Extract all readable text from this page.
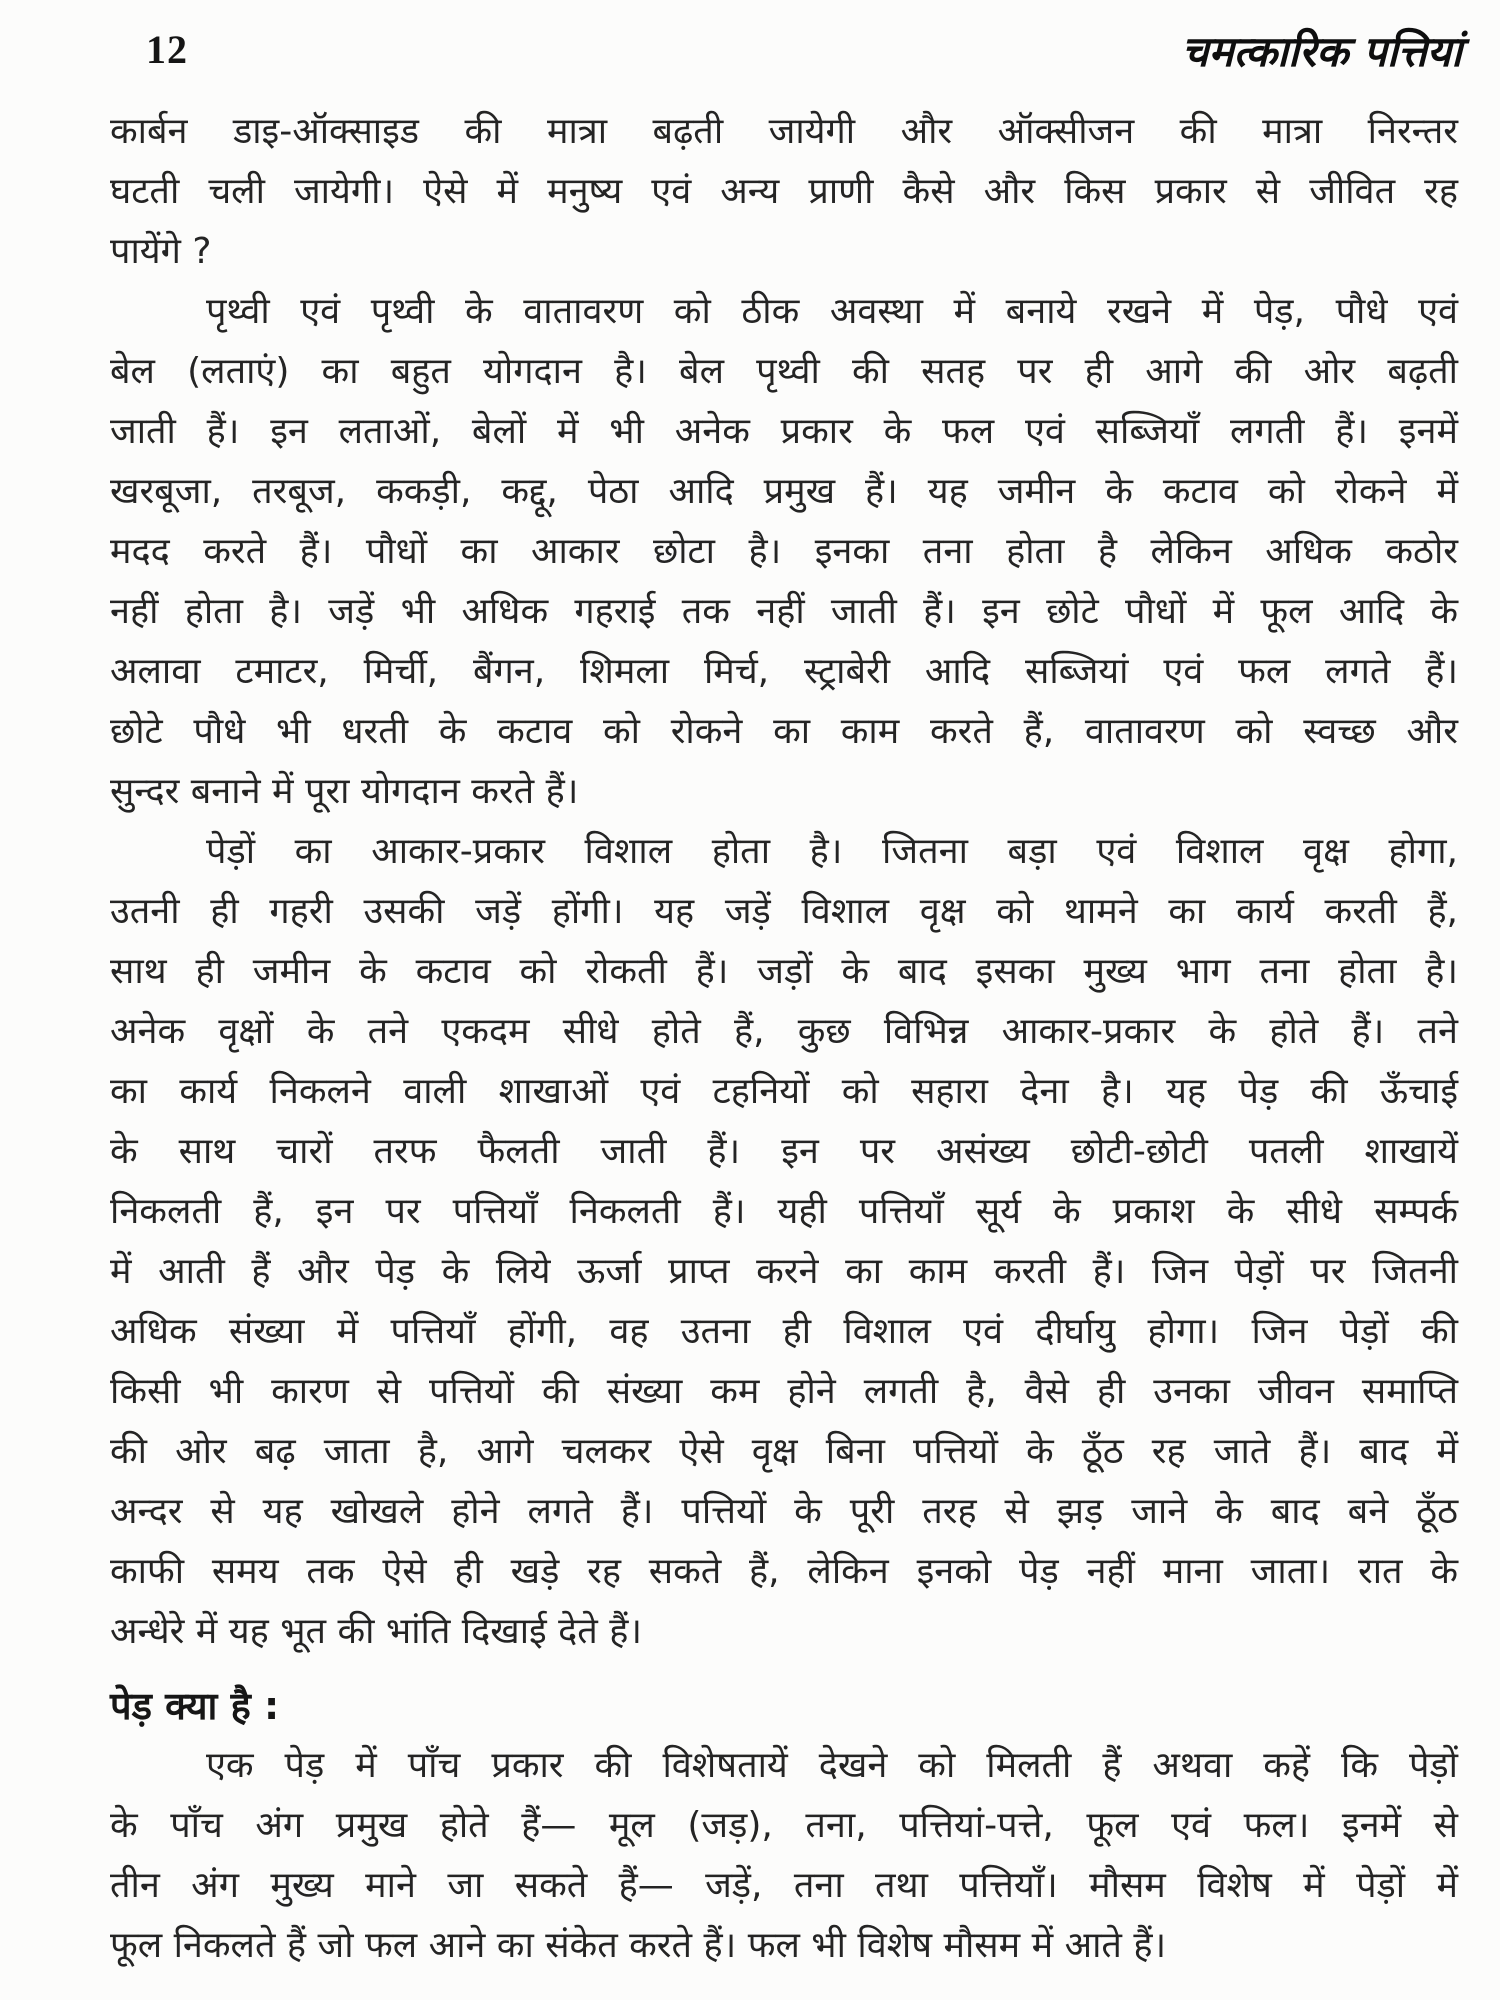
12	चमत्कारिक पत्तियां
कार्बन डाइ-ऑक्साइड की मात्रा बढ़ती जायेगी और ऑक्सीजन की मात्रा निरन्तर
घटती चली जायेगी। ऐसे में मनुष्य एवं अन्य प्राणी कैसे और किस प्रकार से जीवित रह
पायेंगे ?
पृथ्वी एवं पृथ्वी के वातावरण को ठीक अवस्था में बनाये रखने में पेड़, पौधे एवं
बेल (लताएं) का बहुत योगदान है। बेल पृथ्वी की सतह पर ही आगे की ओर बढ़ती
जाती हैं। इन लताओं, बेलों में भी अनेक प्रकार के फल एवं सब्जियाँ लगती हैं। इनमें
खरबूजा, तरबूज, ककड़ी, कद्दू, पेठा आदि प्रमुख हैं। यह जमीन के कटाव को रोकने में
मदद करते हैं। पौधों का आकार छोटा है। इनका तना होता है लेकिन अधिक कठोर
नहीं होता है। जड़ें भी अधिक गहराई तक नहीं जाती हैं। इन छोटे पौधों में फूल आदि के
अलावा टमाटर, मिर्ची, बैंगन, शिमला मिर्च, स्ट्राबेरी आदि सब्जियां एवं फल लगते हैं।
छोटे पौधे भी धरती के कटाव को रोकने का काम करते हैं, वातावरण को स्वच्छ और
सुन्दर बनाने में पूरा योगदान करते हैं।
पेड़ों का आकार-प्रकार विशाल होता है। जितना बड़ा एवं विशाल वृक्ष होगा,
उतनी ही गहरी उसकी जड़ें होंगी। यह जड़ें विशाल वृक्ष को थामने का कार्य करती हैं,
साथ ही जमीन के कटाव को रोकती हैं। जड़ों के बाद इसका मुख्य भाग तना होता है।
अनेक वृक्षों के तने एकदम सीधे होते हैं, कुछ विभिन्न आकार-प्रकार के होते हैं। तने
का कार्य निकलने वाली शाखाओं एवं टहनियों को सहारा देना है। यह पेड़ की ऊँचाई
के साथ चारों तरफ फैलती जाती हैं। इन पर असंख्य छोटी-छोटी पतली शाखायें
निकलती हैं, इन पर पत्तियाँ निकलती हैं। यही पत्तियाँ सूर्य के प्रकाश के सीधे सम्पर्क
में आती हैं और पेड़ के लिये ऊर्जा प्राप्त करने का काम करती हैं। जिन पेड़ों पर जितनी
अधिक संख्या में पत्तियाँ होंगी, वह उतना ही विशाल एवं दीर्घायु होगा। जिन पेड़ों की
किसी भी कारण से पत्तियों की संख्या कम होने लगती है, वैसे ही उनका जीवन समाप्ति
की ओर बढ़ जाता है, आगे चलकर ऐसे वृक्ष बिना पत्तियों के ठूँठ रह जाते हैं। बाद में
अन्दर से यह खोखले होने लगते हैं। पत्तियों के पूरी तरह से झड़ जाने के बाद बने ठूँठ
काफी समय तक ऐसे ही खड़े रह सकते हैं, लेकिन इनको पेड़ नहीं माना जाता। रात के
अन्धेरे में यह भूत की भांति दिखाई देते हैं।
पेड़ क्या है :
एक पेड़ में पाँच प्रकार की विशेषतायें देखने को मिलती हैं अथवा कहें कि पेड़ों
के पाँच अंग प्रमुख होते हैं— मूल (जड़), तना, पत्तियां-पत्ते, फूल एवं फल। इनमें से
तीन अंग मुख्य माने जा सकते हैं— जड़ें, तना तथा पत्तियाँ। मौसम विशेष में पेड़ों में
फूल निकलते हैं जो फल आने का संकेत करते हैं। फल भी विशेष मौसम में आते हैं।
